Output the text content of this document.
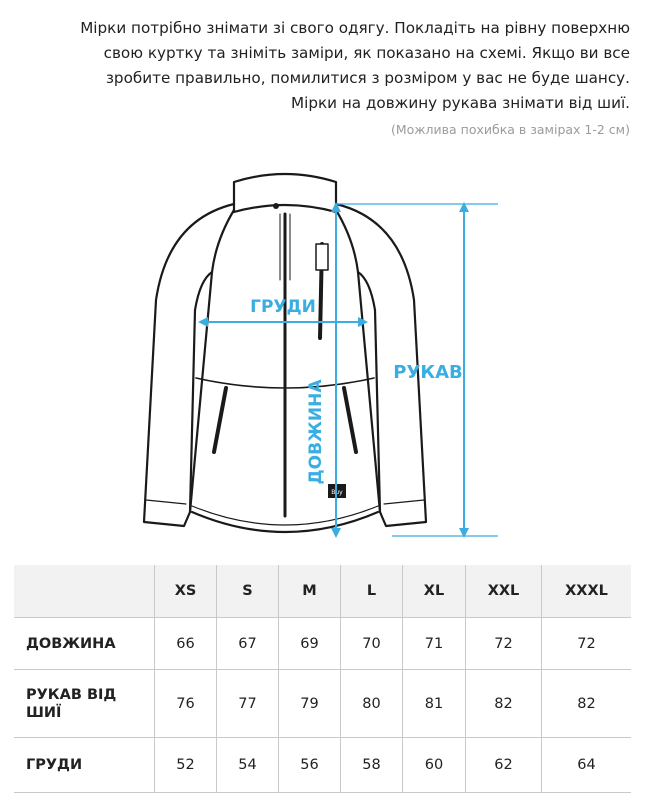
Мірки потрібно знімати зі свого одягу. Покладіть на рівну поверхню
свою куртку та зніміть заміри, як показано на схемі. Якщо ви все
зробите правильно, помилитися з розміром у вас не буде шансу.
Мірки на довжину рукава знімати від шиї.
(Можлива похибка в замірах 1-2 см)
Buy
ГРУДИ
РУКАВ
ДОВЖИНА
	XS	S	M	L	XL	XXL	XXXL
ДОВЖИНА	66	67	69	70	71	72	72
РУКАВ ВІД ШИЇ	76	77	79	80	81	82	82
ГРУДИ	52	54	56	58	60	62	64
